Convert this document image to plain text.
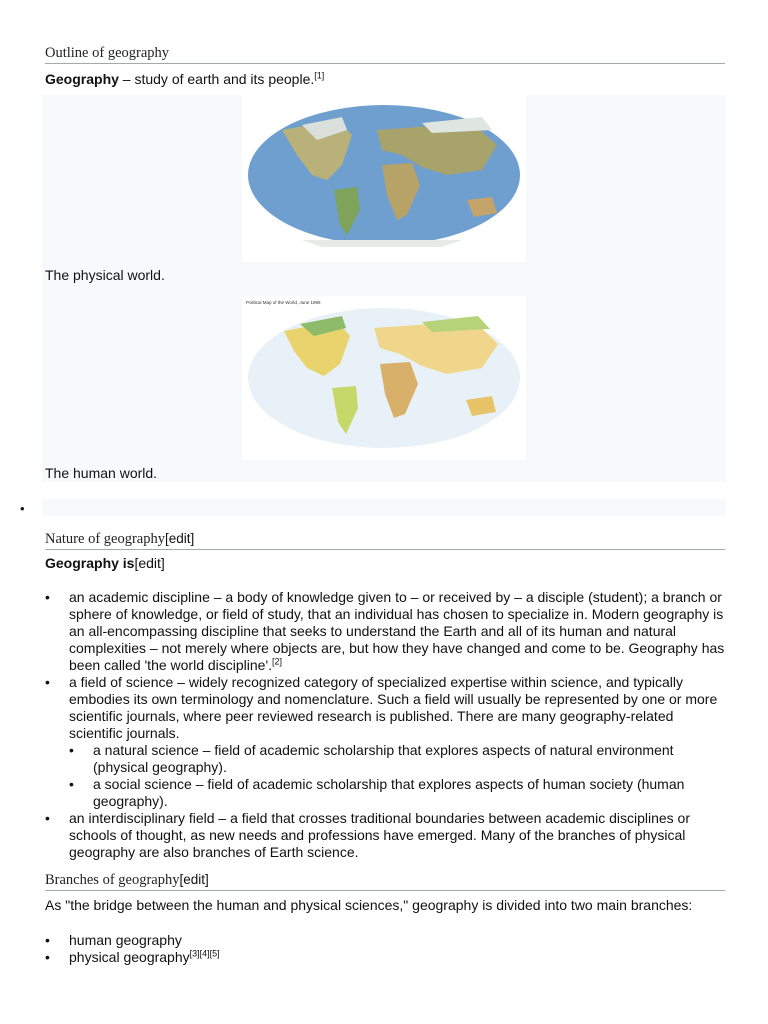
Outline of geography
Geography – study of earth and its people.[1]
The physical world.
Political Map of the World, June 1999
The human world.
•
Nature of geography[edit]
Geography is[edit]
• an academic discipline – a body of knowledge given to – or received by – a disciple (student); a branch or sphere of knowledge, or field of study, that an individual has chosen to specialize in. Modern geography is an all-encompassing discipline that seeks to understand the Earth and all of its human and natural complexities – not merely where objects are, but how they have changed and come to be. Geography has been called 'the world discipline'.[2]
• a field of science – widely recognized category of specialized expertise within science, and typically embodies its own terminology and nomenclature. Such a field will usually be represented by one or more scientific journals, where peer reviewed research is published. There are many geography-related scientific journals.
• a natural science – field of academic scholarship that explores aspects of natural environment (physical geography).
• a social science – field of academic scholarship that explores aspects of human society (human geography).
• an interdisciplinary field – a field that crosses traditional boundaries between academic disciplines or schools of thought, as new needs and professions have emerged. Many of the branches of physical geography are also branches of Earth science.
Branches of geography[edit]
As "the bridge between the human and physical sciences," geography is divided into two main branches:
• human geography
• physical geography[3][4][5]
